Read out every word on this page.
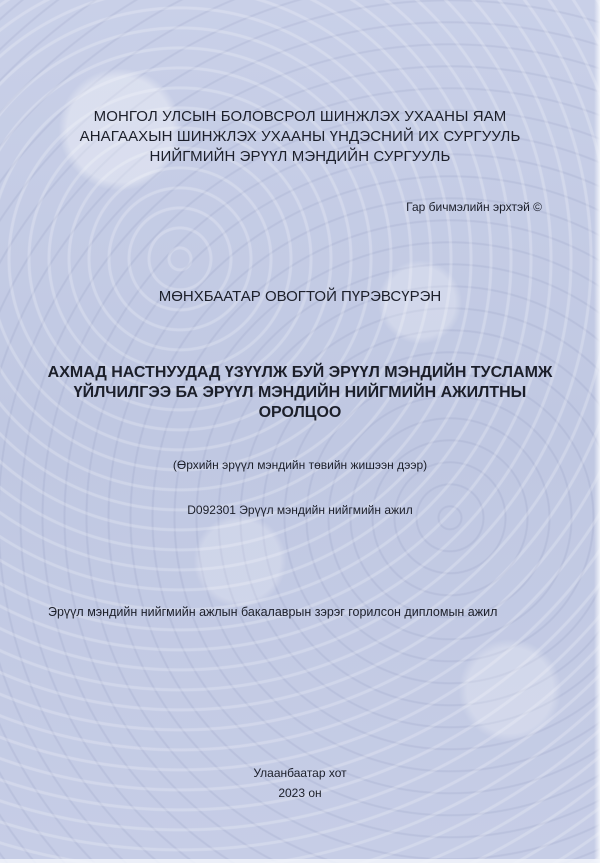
МОНГОЛ УЛСЫН БОЛОВСРОЛ ШИНЖЛЭХ УХААНЫ ЯАМ
АНАГААХЫН ШИНЖЛЭХ УХААНЫ ҮНДЭСНИЙ ИХ СУРГУУЛЬ
НИЙГМИЙН ЭРҮҮЛ МЭНДИЙН СУРГУУЛЬ
Гар бичмэлийн эрхтэй ©
МӨНХБААТАР ОВОГТОЙ ПҮРЭВСҮРЭН
АХМАД НАСТНУУДАД ҮЗҮҮЛЖ БУЙ ЭРҮҮЛ МЭНДИЙН ТУСЛАМЖ
ҮЙЛЧИЛГЭЭ БА ЭРҮҮЛ МЭНДИЙН НИЙГМИЙН АЖИЛТНЫ
ОРОЛЦОО
(Өрхийн эрүүл мэндийн төвийн жишээн дээр)
D092301 Эрүүл мэндийн нийгмийн ажил
Эрүүл мэндийн нийгмийн ажлын бакалаврын зэрэг горилсон дипломын ажил
Улаанбаатар хот
2023 он
